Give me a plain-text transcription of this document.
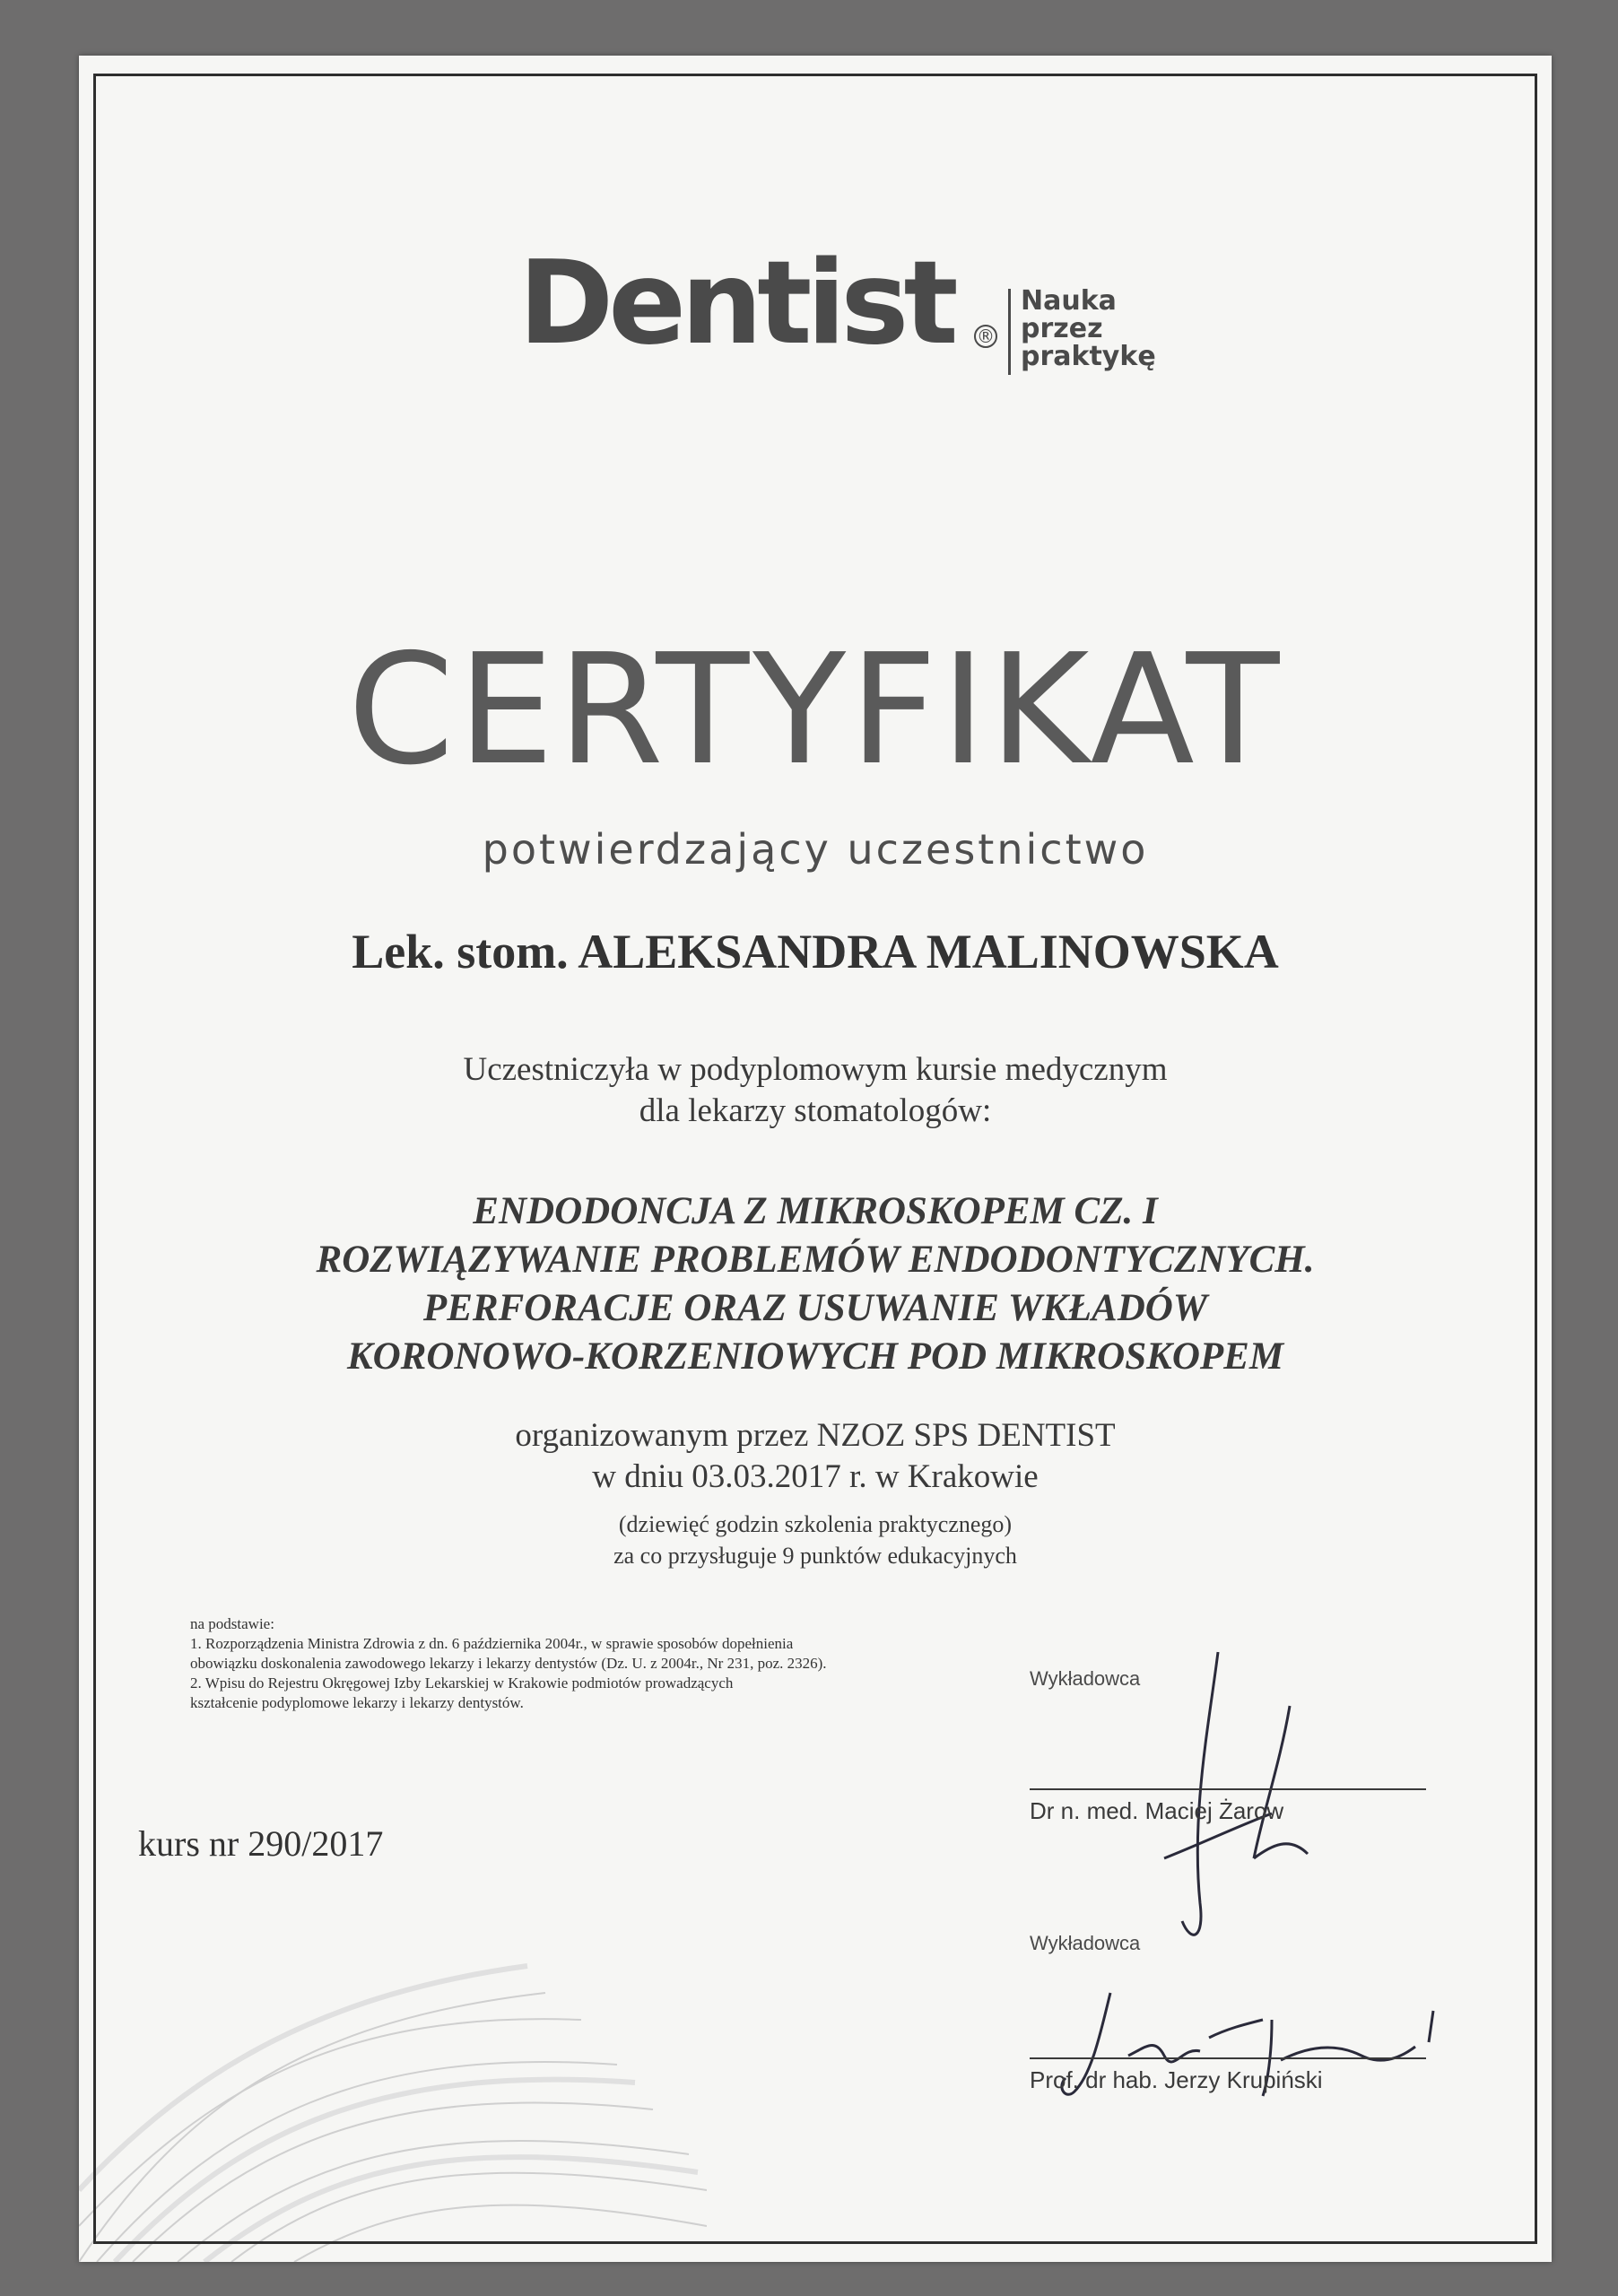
Dentist ®
Nauka
przez
praktykę
CERTYFIKAT
potwierdzający uczestnictwo
Lek. stom. ALEKSANDRA MALINOWSKA
Uczestniczyła w podyplomowym kursie medycznym
dla lekarzy stomatologów:
ENDODONCJA Z MIKROSKOPEM CZ. I
ROZWIĄZYWANIE PROBLEMÓW ENDODONTYCZNYCH.
PERFORACJE ORAZ USUWANIE WKŁADÓW
KORONOWO-KORZENIOWYCH POD MIKROSKOPEM
organizowanym przez NZOZ SPS DENTIST
w dniu 03.03.2017 r. w Krakowie
(dziewięć godzin szkolenia praktycznego)
za co przysługuje 9 punktów edukacyjnych
na podstawie:
1. Rozporządzenia Ministra Zdrowia z dn. 6 października 2004r., w sprawie sposobów dopełnienia
obowiązku doskonalenia zawodowego lekarzy i lekarzy dentystów (Dz. U. z 2004r., Nr 231, poz. 2326).
2. Wpisu do Rejestru Okręgowej Izby Lekarskiej w Krakowie podmiotów prowadzących
kształcenie podyplomowe lekarzy i lekarzy dentystów.
kurs nr 290/2017
Wykładowca
Dr n. med. Maciej Żarow
Wykładowca
Prof. dr hab. Jerzy Krupiński
